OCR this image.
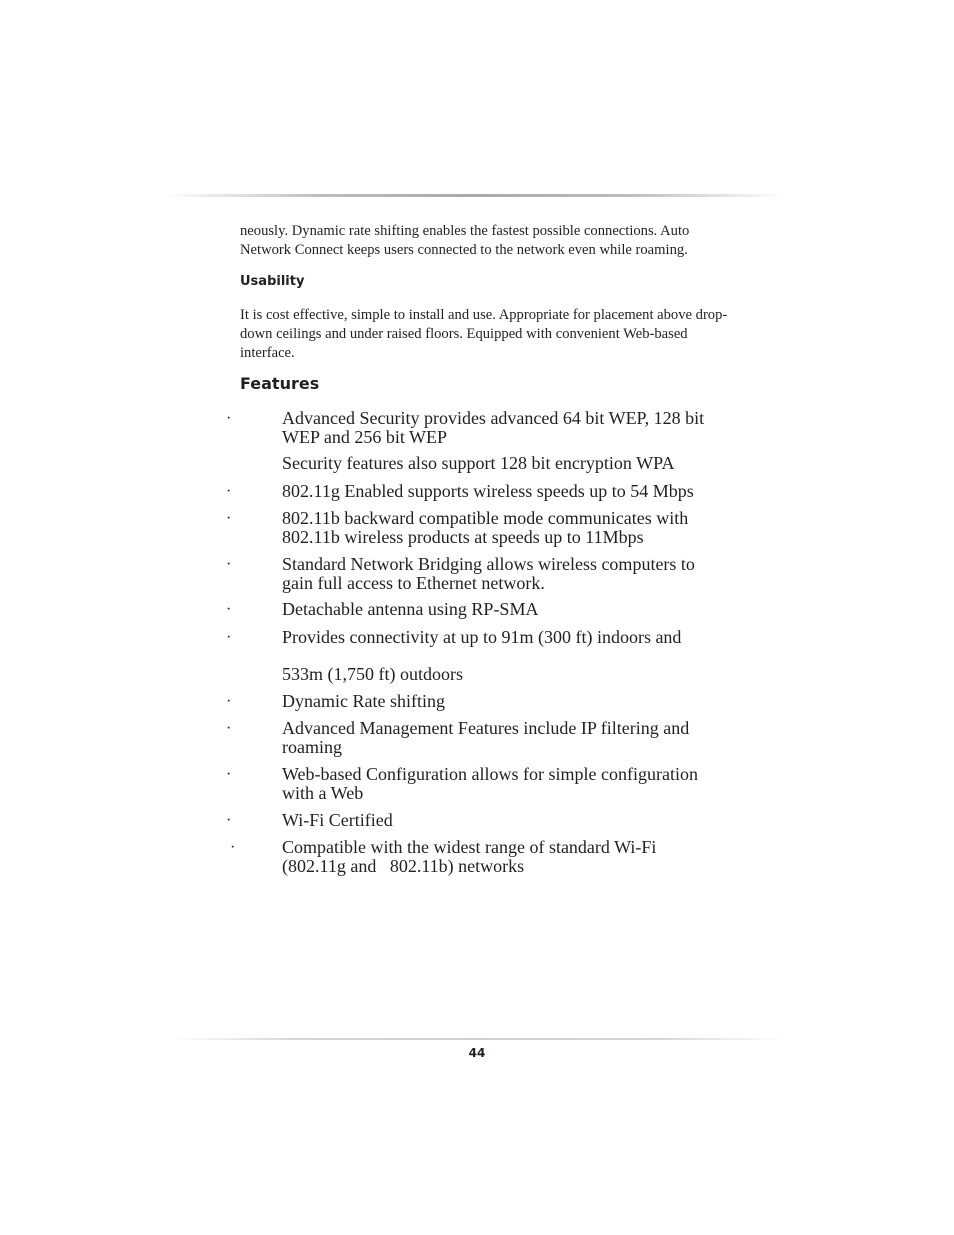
neously. Dynamic rate shifting enables the fastest possible connections. Auto Network Connect keeps users connected to the network even while roaming.
Usability
It is cost effective, simple to install and use. Appropriate for placement above drop-down ceilings and under raised floors. Equipped with convenient Web-based interface.
Features
·	Advanced Security provides advanced 64 bit WEP, 128 bit WEP and 256 bit WEP
Security features also support 128 bit encryption WPA
·	802.11g Enabled supports wireless speeds up to 54 Mbps
·	802.11b backward compatible mode communicates with 802.11b wireless products at speeds up to 11Mbps
·	Standard Network Bridging allows wireless computers to gain full access to Ethernet network.
·	Detachable antenna using RP-SMA
·	Provides connectivity at up to 91m (300 ft) indoors and
533m (1,750 ft) outdoors
·	Dynamic Rate shifting
·	Advanced Management Features include IP filtering and roaming
·	Web-based Configuration allows for simple configuration with a Web
·	Wi-Fi Certified
·	Compatible with the widest range of standard Wi-Fi (802.11g and   802.11b) networks
44
